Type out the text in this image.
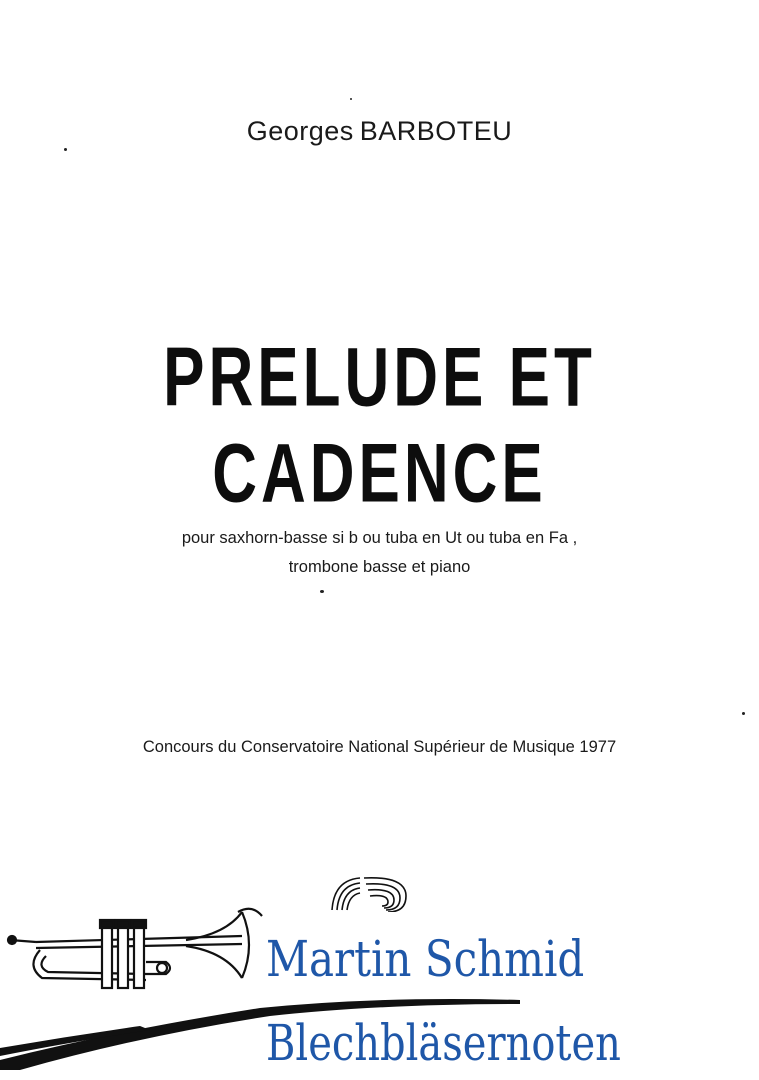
Georges BARBOTEU
PRELUDE ET CADENCE
pour saxhorn-basse si b ou tuba en Ut ou tuba en Fa ,
trombone basse et piano
Concours du Conservatoire National Supérieur de Musique 1977
Martin Schmid
Blechbläsernoten
